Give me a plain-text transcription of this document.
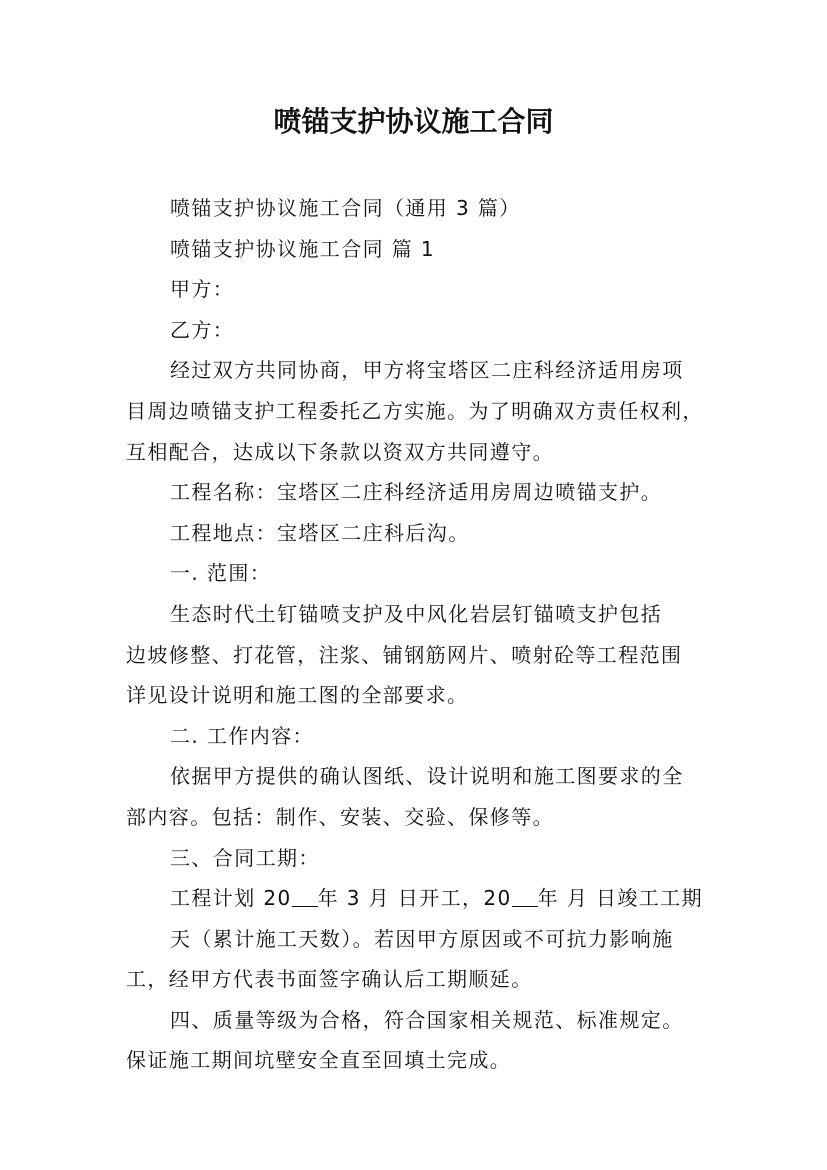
喷锚支护协议施工合同
喷锚支护协议施工合同（通用 3 篇）
喷锚支护协议施工合同 篇 1
甲方：
乙方：
经过双方共同协商，甲方将宝塔区二庄科经济适用房项
目周边喷锚支护工程委托乙方实施。为了明确双方责任权利，
互相配合，达成以下条款以资双方共同遵守。
工程名称：宝塔区二庄科经济适用房周边喷锚支护。
工程地点：宝塔区二庄科后沟。
一. 范围：
生态时代土钉锚喷支护及中风化岩层钉锚喷支护包括
边坡修整、打花管，注浆、铺钢筋网片、喷射砼等工程范围
详见设计说明和施工图的全部要求。
二. 工作内容：
依据甲方提供的确认图纸、设计说明和施工图要求的全
部内容。包括：制作、安装、交验、保修等。
三、合同工期：
工程计划 20 年 3 月 日开工，20 年 月 日竣工工期
天（累计施工天数）。若因甲方原因或不可抗力影响施
工，经甲方代表书面签字确认后工期顺延。
四、质量等级为合格，符合国家相关规范、标准规定。
保证施工期间坑壁安全直至回填土完成。
